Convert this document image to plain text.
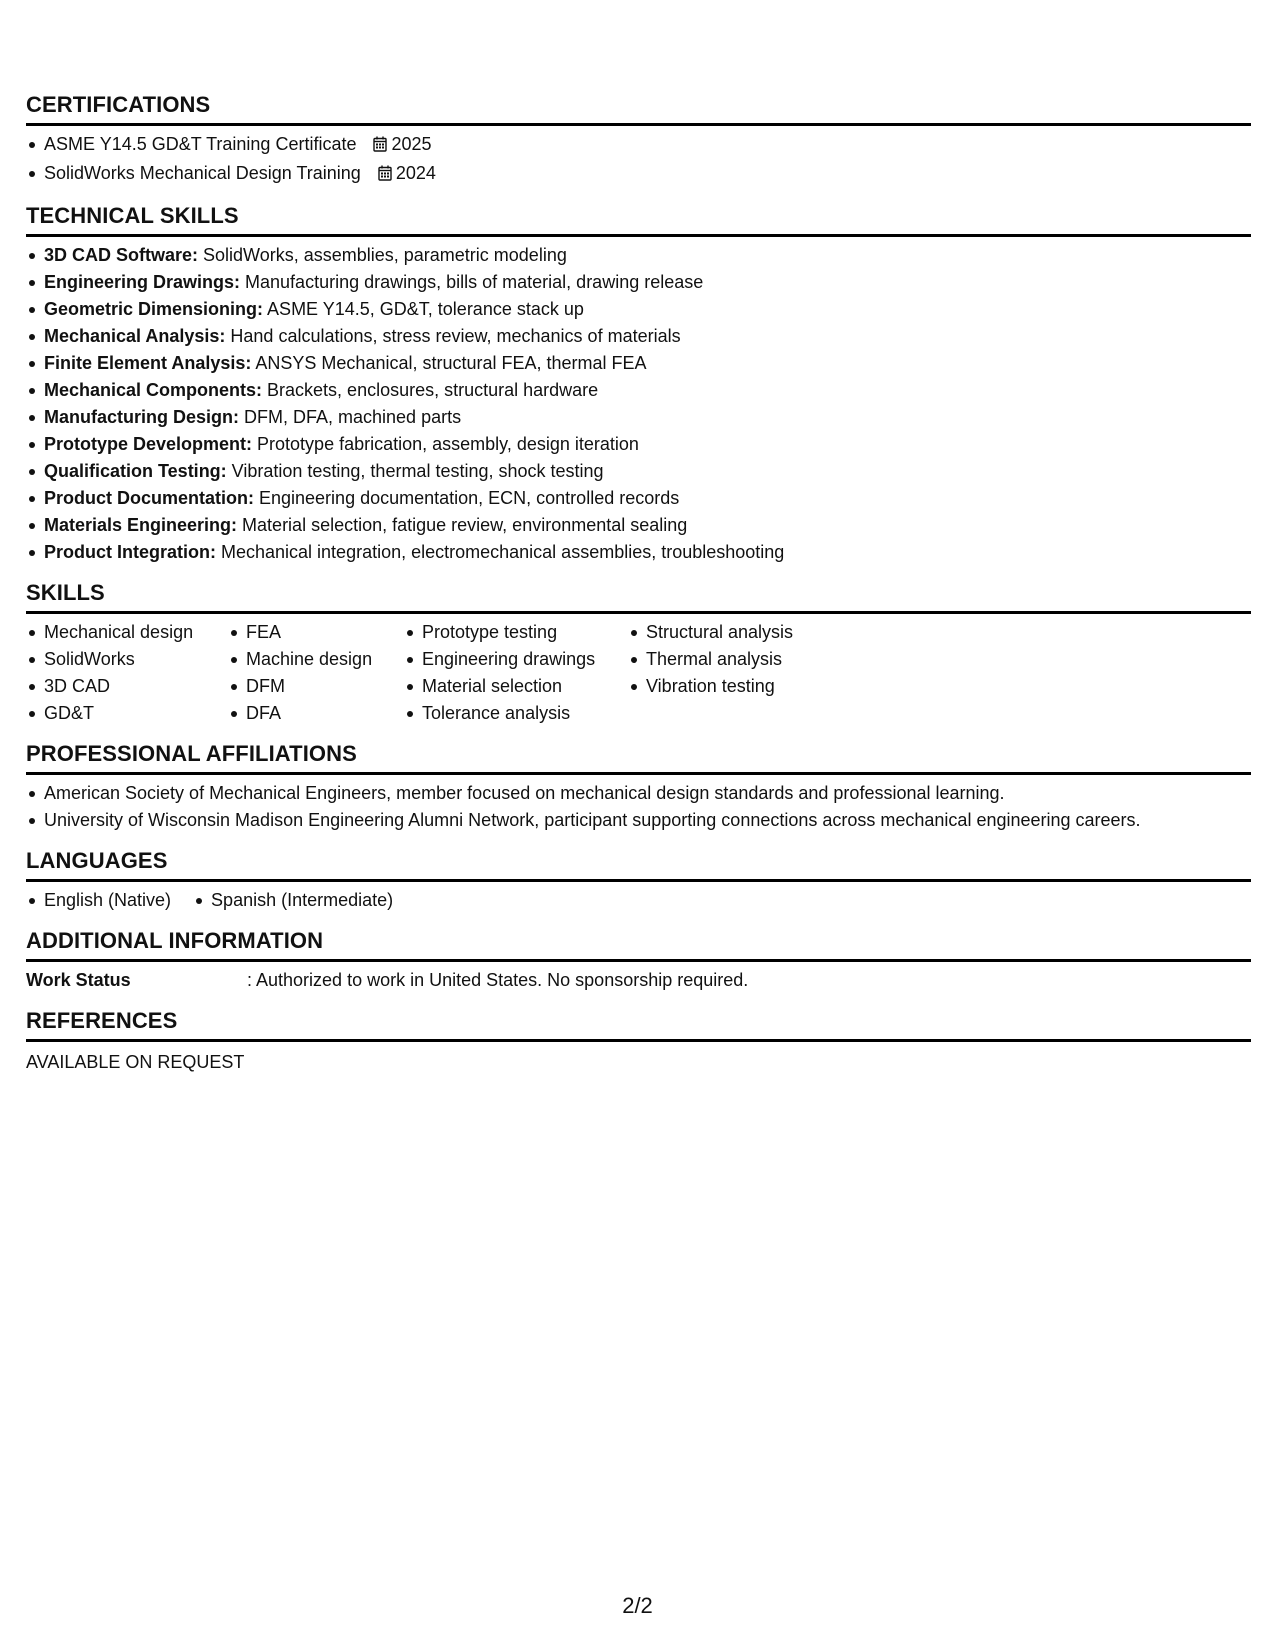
CERTIFICATIONS
ASME Y14.5 GD&T Training Certificate 2025
SolidWorks Mechanical Design Training 2024
TECHNICAL SKILLS
3D CAD Software: SolidWorks, assemblies, parametric modeling
Engineering Drawings: Manufacturing drawings, bills of material, drawing release
Geometric Dimensioning: ASME Y14.5, GD&T, tolerance stack up
Mechanical Analysis: Hand calculations, stress review, mechanics of materials
Finite Element Analysis: ANSYS Mechanical, structural FEA, thermal FEA
Mechanical Components: Brackets, enclosures, structural hardware
Manufacturing Design: DFM, DFA, machined parts
Prototype Development: Prototype fabrication, assembly, design iteration
Qualification Testing: Vibration testing, thermal testing, shock testing
Product Documentation: Engineering documentation, ECN, controlled records
Materials Engineering: Material selection, fatigue review, environmental sealing
Product Integration: Mechanical integration, electromechanical assemblies, troubleshooting
SKILLS
Mechanical design
SolidWorks
3D CAD
GD&T
FEA
Machine design
DFM
DFA
Prototype testing
Engineering drawings
Material selection
Tolerance analysis
Structural analysis
Thermal analysis
Vibration testing
PROFESSIONAL AFFILIATIONS
American Society of Mechanical Engineers, member focused on mechanical design standards and professional learning.
University of Wisconsin Madison Engineering Alumni Network, participant supporting connections across mechanical engineering careers.
LANGUAGES
English (Native)	Spanish (Intermediate)
ADDITIONAL INFORMATION
Work Status	: Authorized to work in United States. No sponsorship required.
REFERENCES
AVAILABLE ON REQUEST
2/2
